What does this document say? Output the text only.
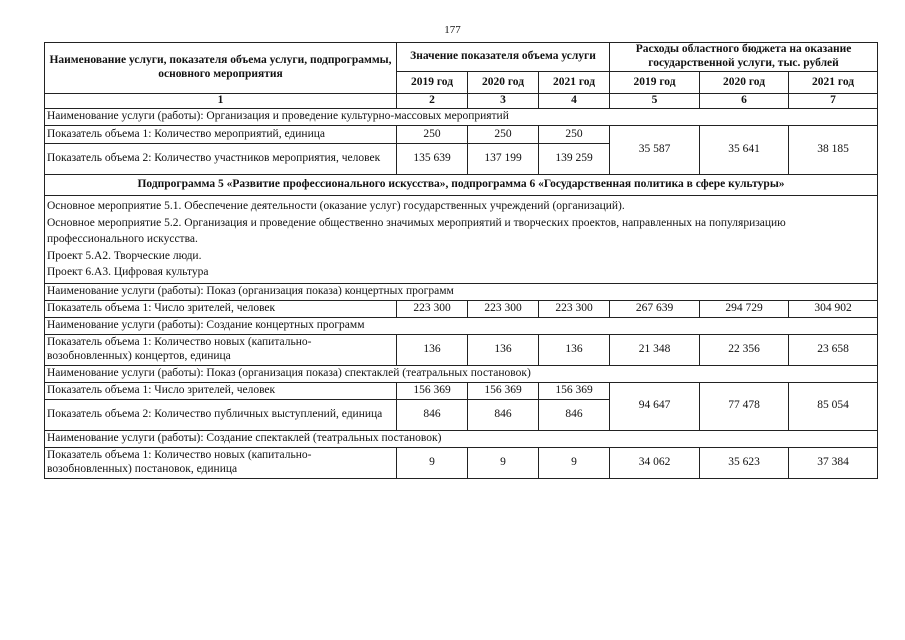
177
Наименование услуги, показателя объема услуги, подпрограммы, основного мероприятия	Значение показателя объема услуги			Расходы областного бюджета на оказание государственной услуги, тыс. рублей		
	2019 год	2020 год	2021 год	2019 год	2020 год	2021 год
1	2	3	4	5	6	7
Наименование услуги (работы): Организация и проведение культурно-массовых мероприятий						
Показатель объема 1: Количество мероприятий, единица	250	250	250	35 587	35 641	38 185
Показатель объема 2: Количество участников мероприятия, человек	135 639	137 199	139 259			
Подпрограмма 5 «Развитие профессионального искусства», подпрограмма 6 «Государственная политика в сфере культуры»						

Основное мероприятие 5.1. Обеспечение деятельности (оказание услуг) государственных учреждений (организаций).
Основное мероприятие 5.2. Организация и проведение общественно значимых мероприятий и творческих проектов, направленных на популяризацию профессионального искусства.
Проект 5.А2. Творческие люди.
Проект 6.А3. Цифровая культура						

Наименование услуги (работы): Показ (организация показа) концертных программ						
Показатель объема 1: Число зрителей, человек	223 300	223 300	223 300	267 639	294 729	304 902
Наименование услуги (работы): Создание концертных программ						
Показатель объема 1: Количество новых (капитально-возобновленных) концертов, единица	136	136	136	21 348	22 356	23 658
Наименование услуги (работы): Показ (организация показа) спектаклей (театральных постановок)						
Показатель объема 1: Число зрителей, человек	156 369	156 369	156 369	94 647	77 478	85 054
Показатель объема 2: Количество публичных выступлений, единица	846	846	846			
Наименование услуги (работы): Создание спектаклей (театральных постановок)						
Показатель объема 1: Количество новых (капитально-возобновленных) постановок, единица	9	9	9	34 062	35 623	37 384
